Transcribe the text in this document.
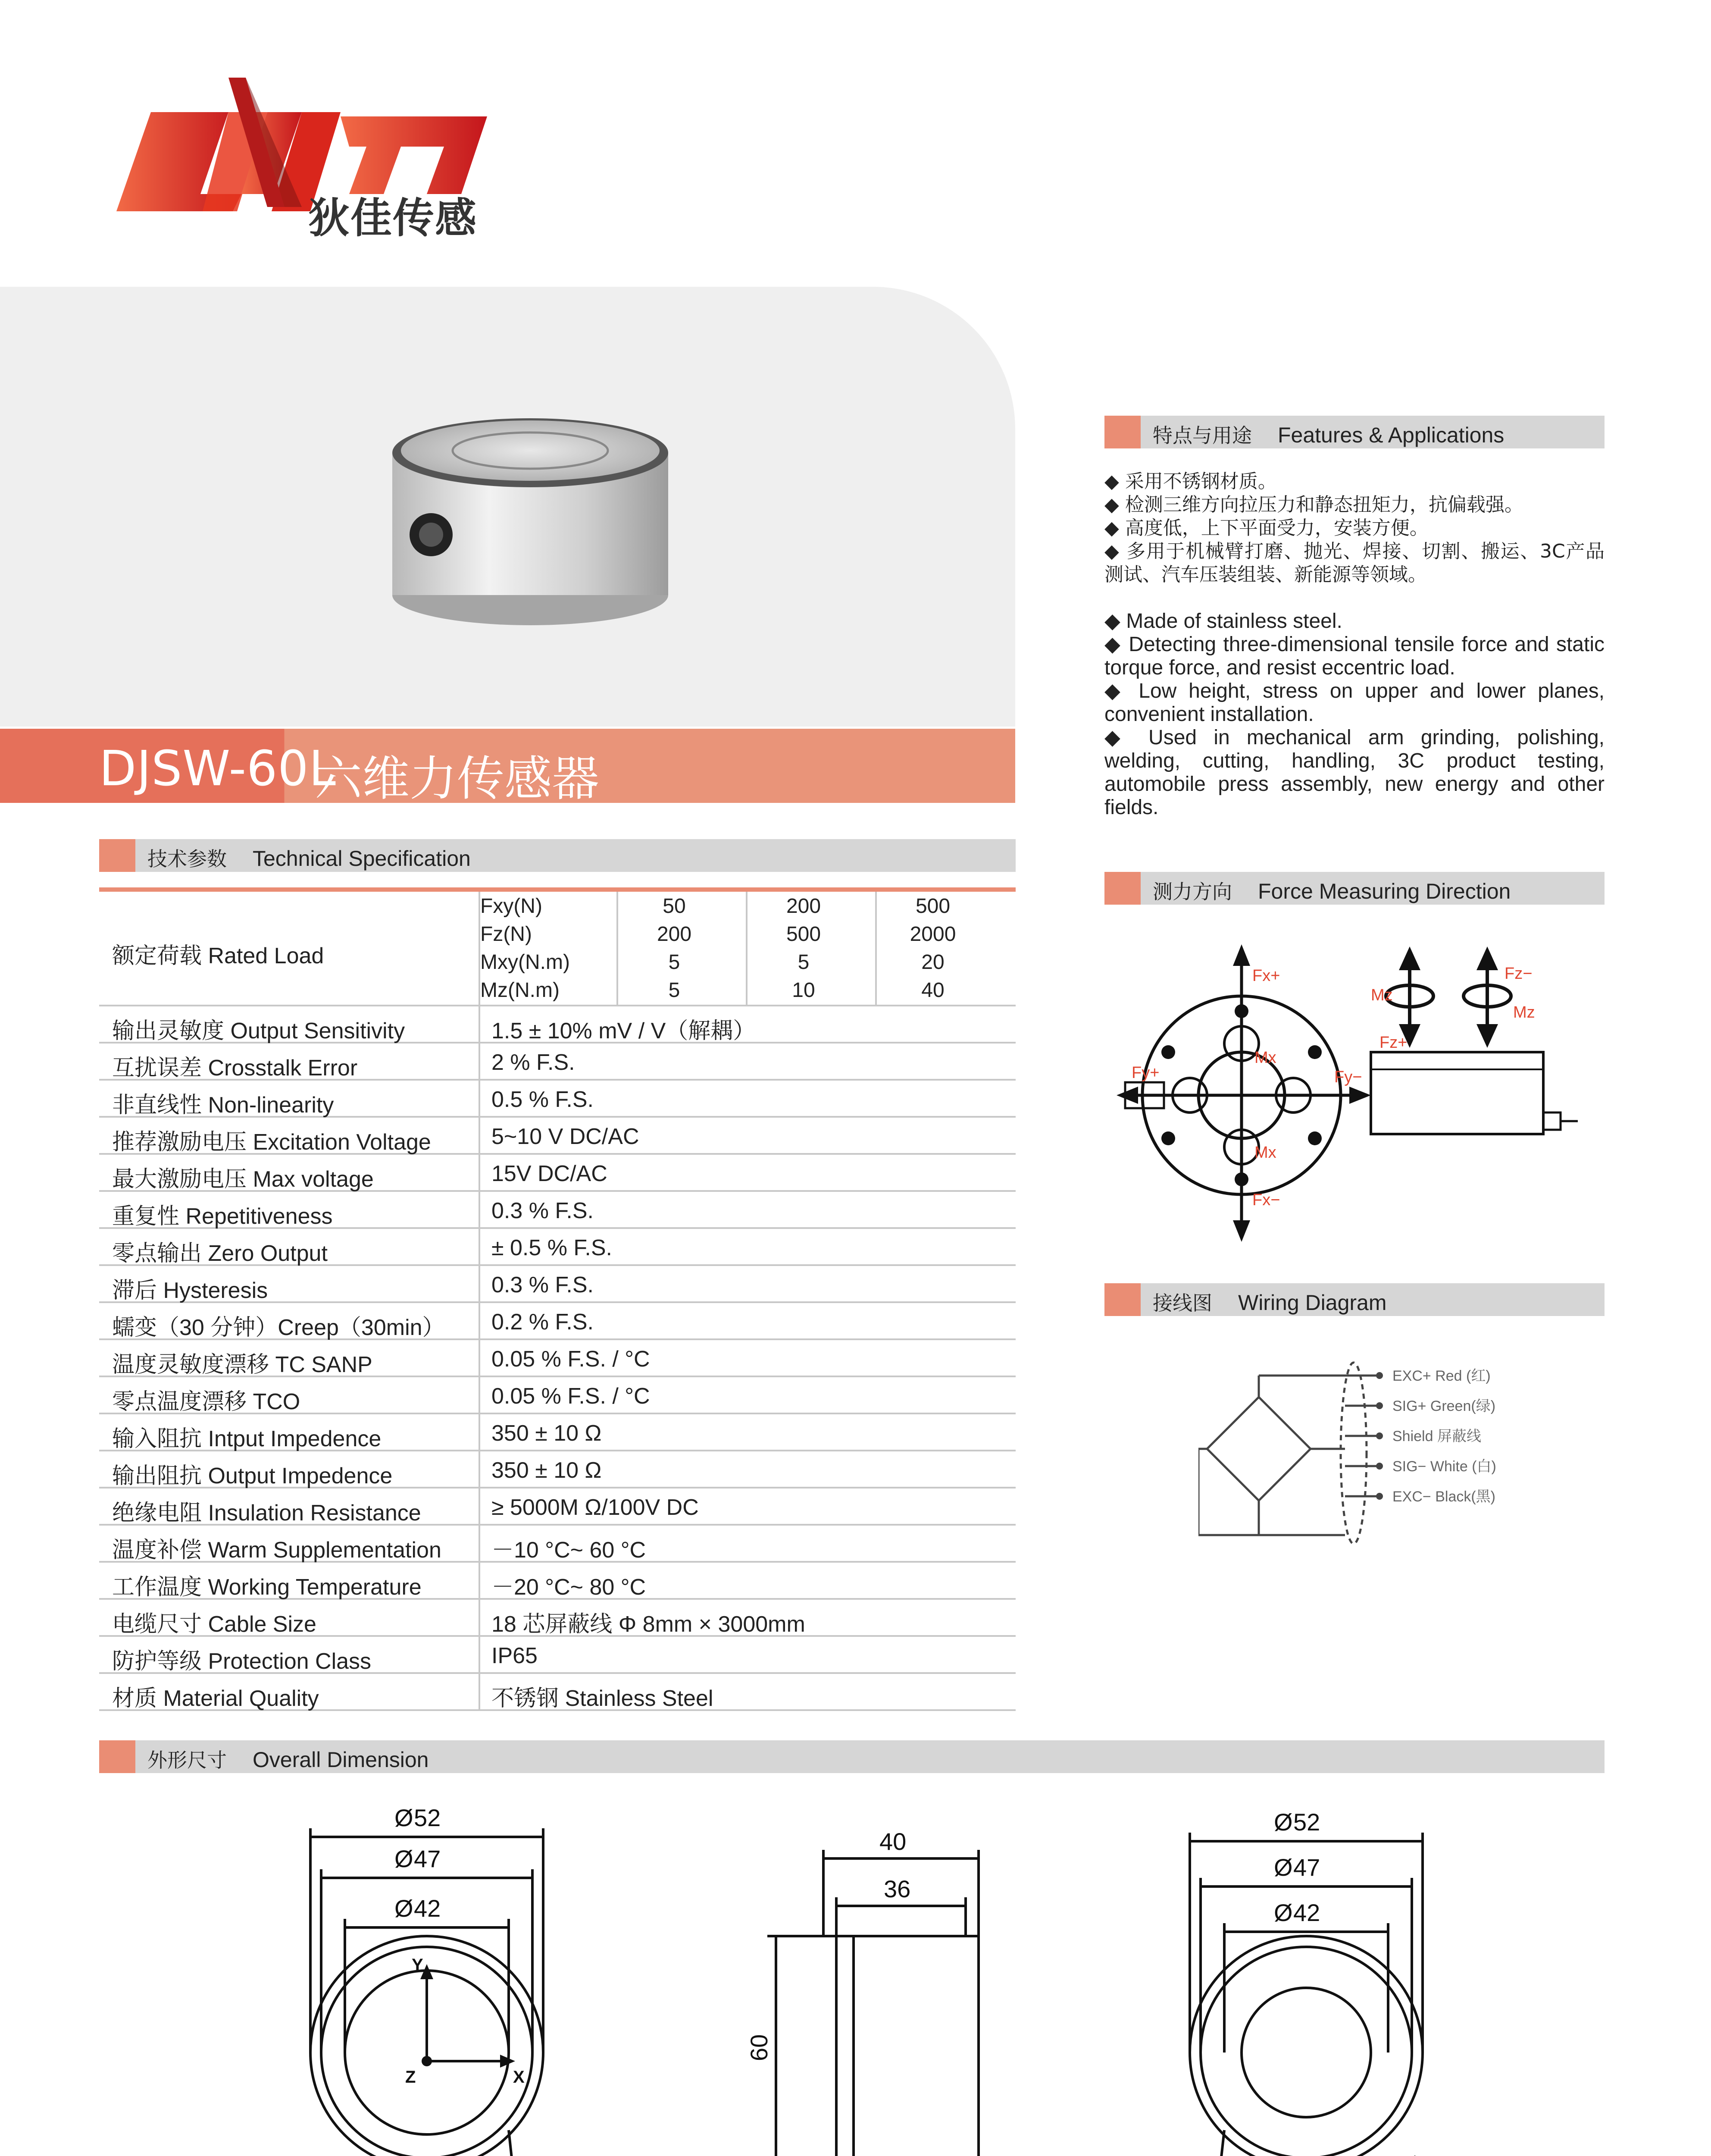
狄佳传感
DJSW-60L
六维力传感器
特点与用途 Features & Applications

◆ 采用不锈钢材质。

◆ 检测三维方向拉压力和静态扭矩力，抗偏载强。

◆ 高度低，上下平面受力，安装方便。

◆ 多用于机械臂打磨、抛光、焊接、切割、搬运、3C产品测试、汽车压装组装、新能源等领域。

◆ Made of stainless steel.

◆ Detecting three-dimensional tensile force and static torque force, and resist eccentric load.

◆ Low height, stress on upper and lower planes, convenient installation.

◆ Used in mechanical arm grinding, polishing, welding, cutting, handling, 3C product testing, automobile press assembly, new energy and other fields.

技术参数 Technical Specification
额定荷载 Rated Load
Fxy(N)	50	200	500
Fz(N)	200	500	2000
Mxy(N.m)	5	5	20
Mz(N.m)	5	10	40
输出灵敏度 Output Sensitivity	1.5 ± 10% mV / V（解耦）
互扰误差 Crosstalk Error	2 % F.S.
非直线性 Non-linearity	0.5 % F.S.
推荐激励电压 Excitation Voltage	5~10 V DC/AC
最大激励电压 Max voltage	15V DC/AC
重复性 Repetitiveness	0.3 % F.S.
零点输出 Zero Output	± 0.5 % F.S.
滞后 Hysteresis	0.3 % F.S.
蠕变（30 分钟）Creep（30min） 0.2 % F.S.
温度灵敏度漂移 TC SANP	0.05 % F.S. / °C
零点温度漂移 TCO	0.05 % F.S. / °C
输入阻抗 Intput Impedence	350 ± 10 Ω
输出阻抗 Output Impedence	350 ± 10 Ω
绝缘电阻 Insulation Resistance	≥ 5000M Ω/100V DC
温度补偿 Warm Supplementation －10 °C~ 60 °C
工作温度 Working Temperature	－20 °C~ 80 °C
电缆尺寸 Cable Size	18 芯屏蔽线 Φ 8mm × 3000mm
防护等级 Protection Class	IP65
材质 Material Quality	不锈钢 Stainless Steel
测力方向 Force Measuring Direction
Fx+
Fx−
Fy+	Fy−
Mx
Mx
Mz
Mz
Fz+
Fz−
接线图 Wiring Diagram
EXC+ Red (红)
SIG+ Green(绿)
Shield 屏蔽线
SIG− White (白)
EXC− Black(黑)
外形尺寸 Overall Dimension
Ø 52
Ø 47
Ø 42
40
36
60
Ø 52
Ø 47
Ø 42
Y
X
Z
